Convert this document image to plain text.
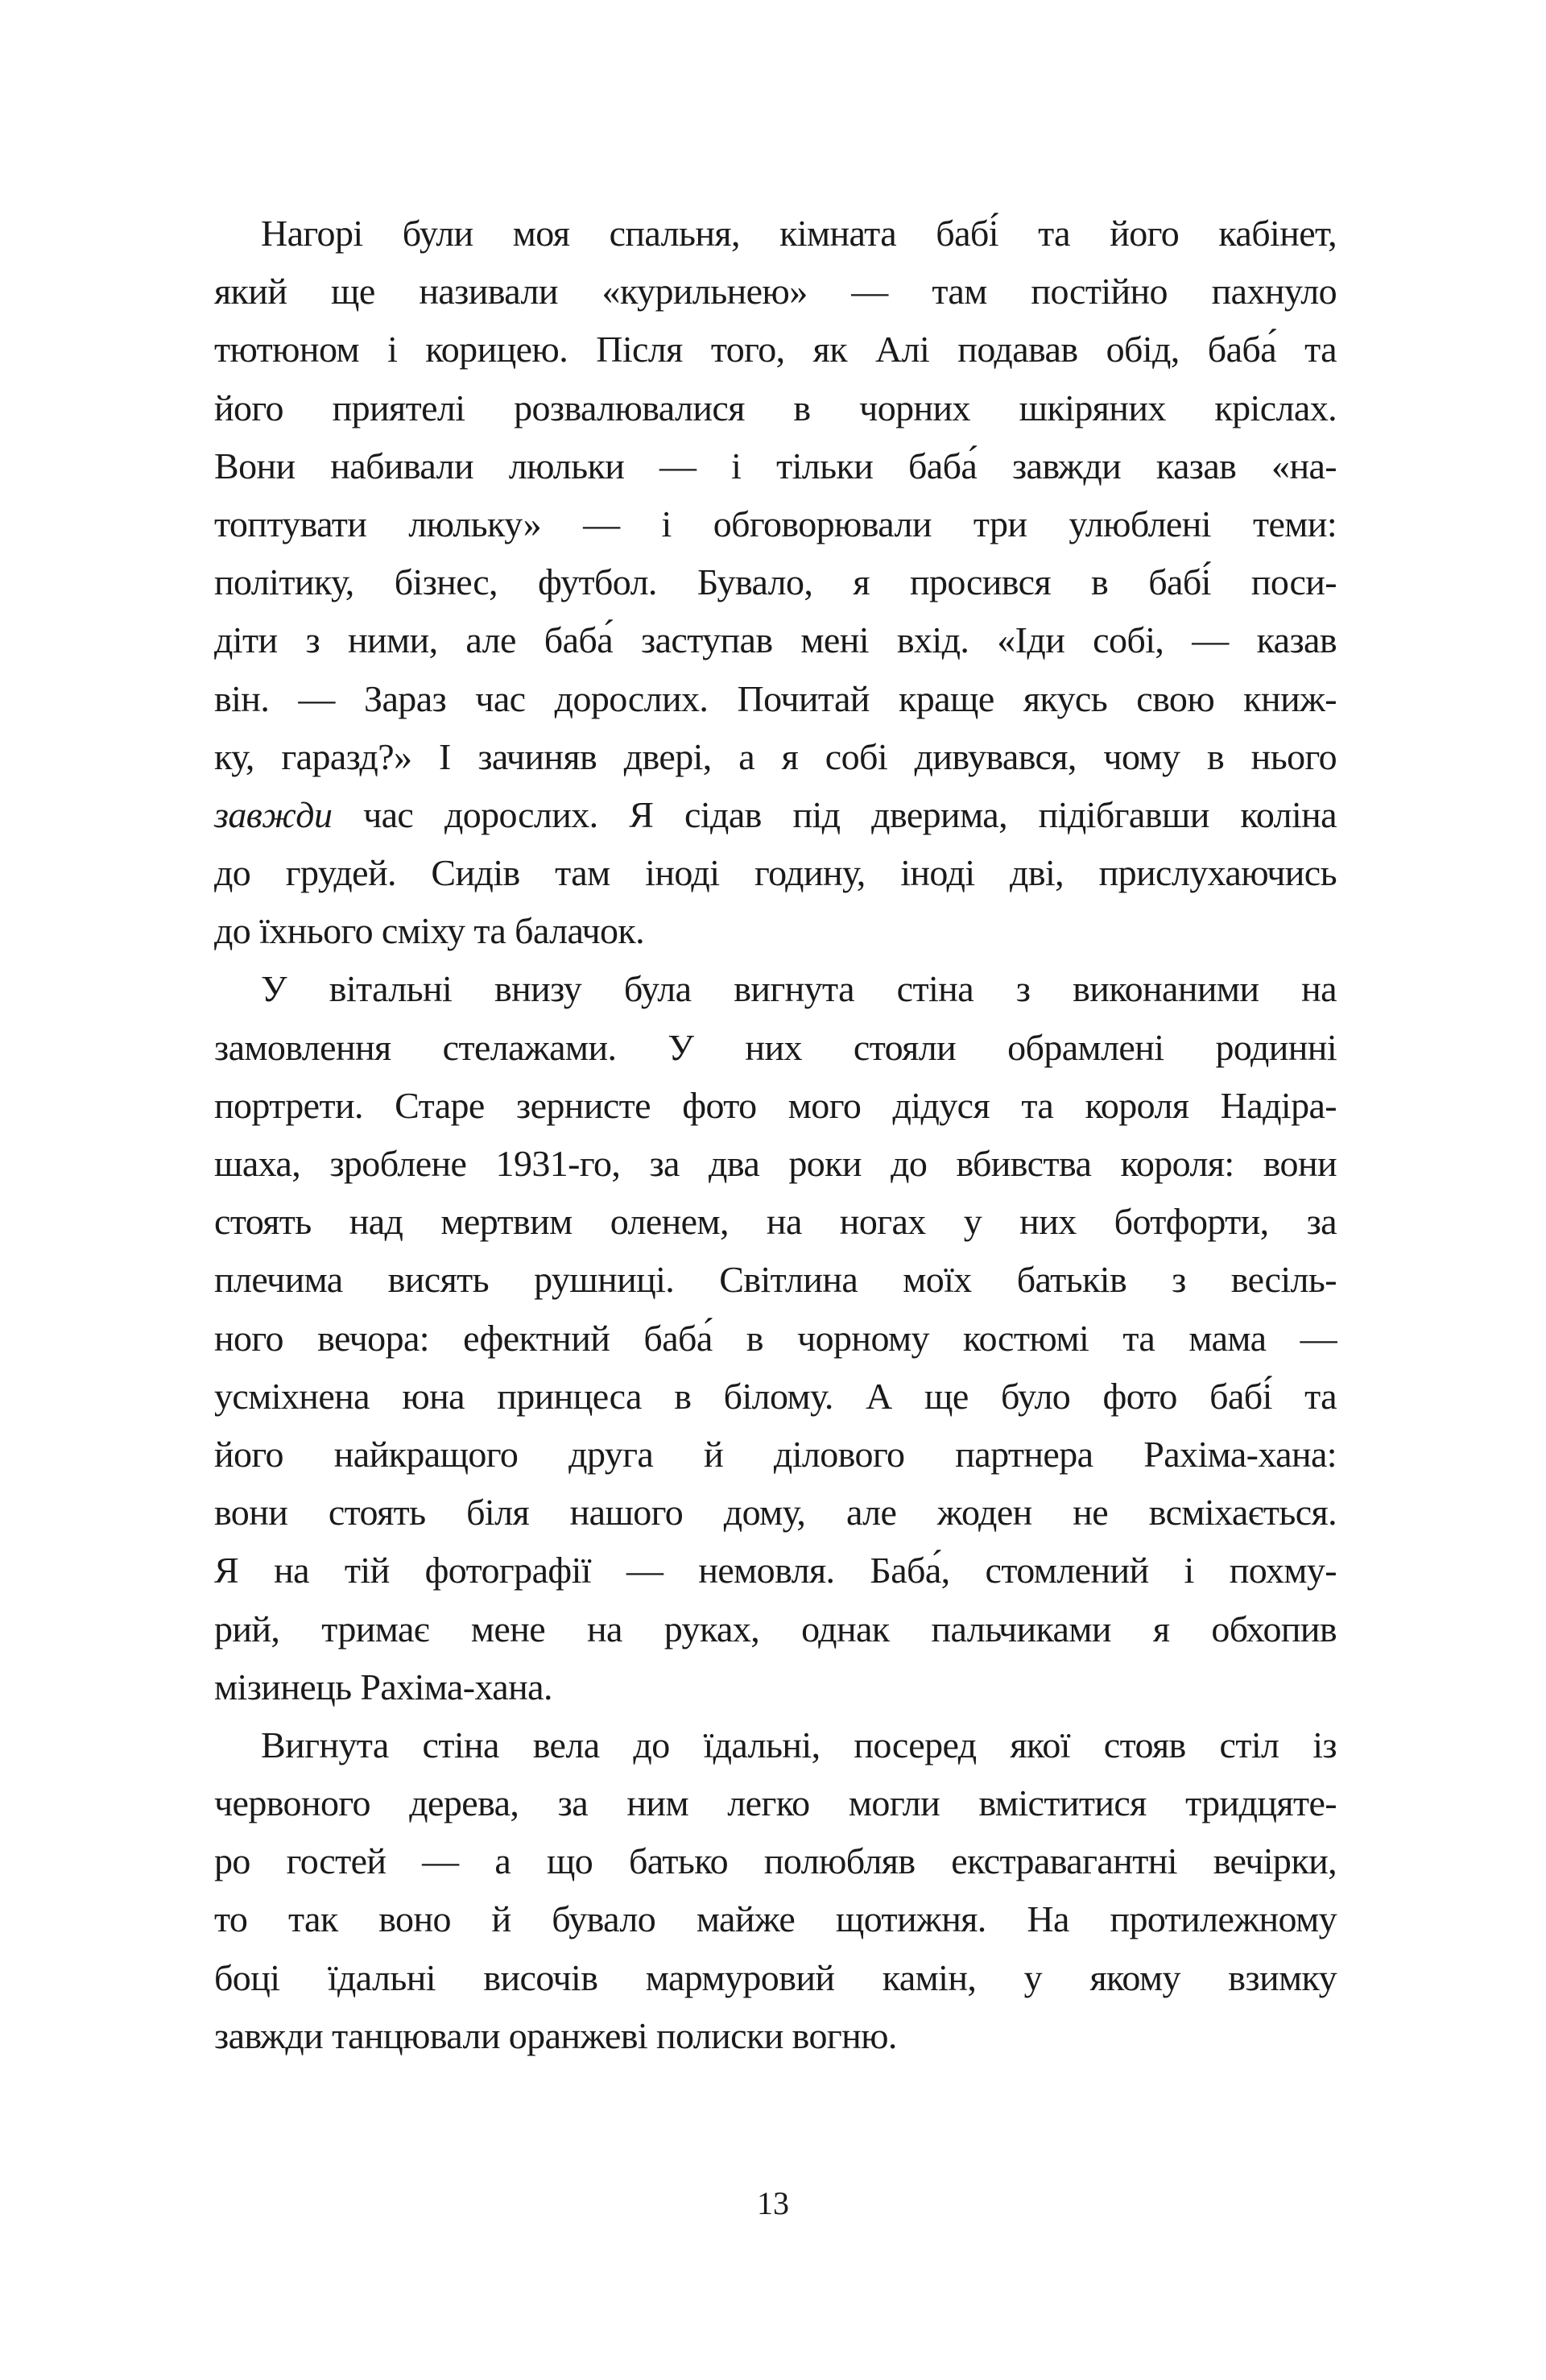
Нагорі були моя спальня, кімната бабі́ та його кабінет,
який ще називали «курильнею» — там постійно пахнуло
тютюном і корицею. Після того, як Алі подавав обід, баба́ та
його приятелі розвалювалися в чорних шкіряних кріслах.
Вони набивали люльки — і тільки баба́ завжди казав «на-
топтувати люльку» — і обговорювали три улюблені теми:
політику, бізнес, футбол. Бувало, я просився в бабі́ поси-
діти з ними, але баба́ заступав мені вхід. «Іди собі, — казав
він. — Зараз час дорослих. Почитай краще якусь свою книж-
ку, гаразд?» І зачиняв двері, а я собі дивувався, чому в нього
завжди час дорослих. Я сідав під дверима, підібгавши коліна
до грудей. Сидів там іноді годину, іноді дві, прислухаючись
до їхнього сміху та балачок.
У вітальні внизу була вигнута стіна з виконаними на
замовлення стелажами. У них стояли обрамлені родинні
портрети. Старе зернисте фото мого дідуся та короля Надіра-
шаха, зроблене 1931-го, за два роки до вбивства короля: вони
стоять над мертвим оленем, на ногах у них ботфорти, за
плечима висять рушниці. Світлина моїх батьків з весіль-
ного вечора: ефектний баба́ в чорному костюмі та мама —
усміхнена юна принцеса в білому. А ще було фото бабі́ та
його найкращого друга й ділового партнера Рахіма-хана:
вони стоять біля нашого дому, але жоден не всміхається.
Я на тій фотографії — немовля. Баба́, стомлений і похму-
рий, тримає мене на руках, однак пальчиками я обхопив
мізинець Рахіма-хана.
Вигнута стіна вела до їдальні, посеред якої стояв стіл із
червоного дерева, за ним легко могли вміститися тридцяте-
ро гостей — а що батько полюбляв екстравагантні вечірки,
то так воно й бувало майже щотижня. На протилежному
боці їдальні височів мармуровий камін, у якому взимку
завжди танцювали оранжеві полиски вогню.
13
